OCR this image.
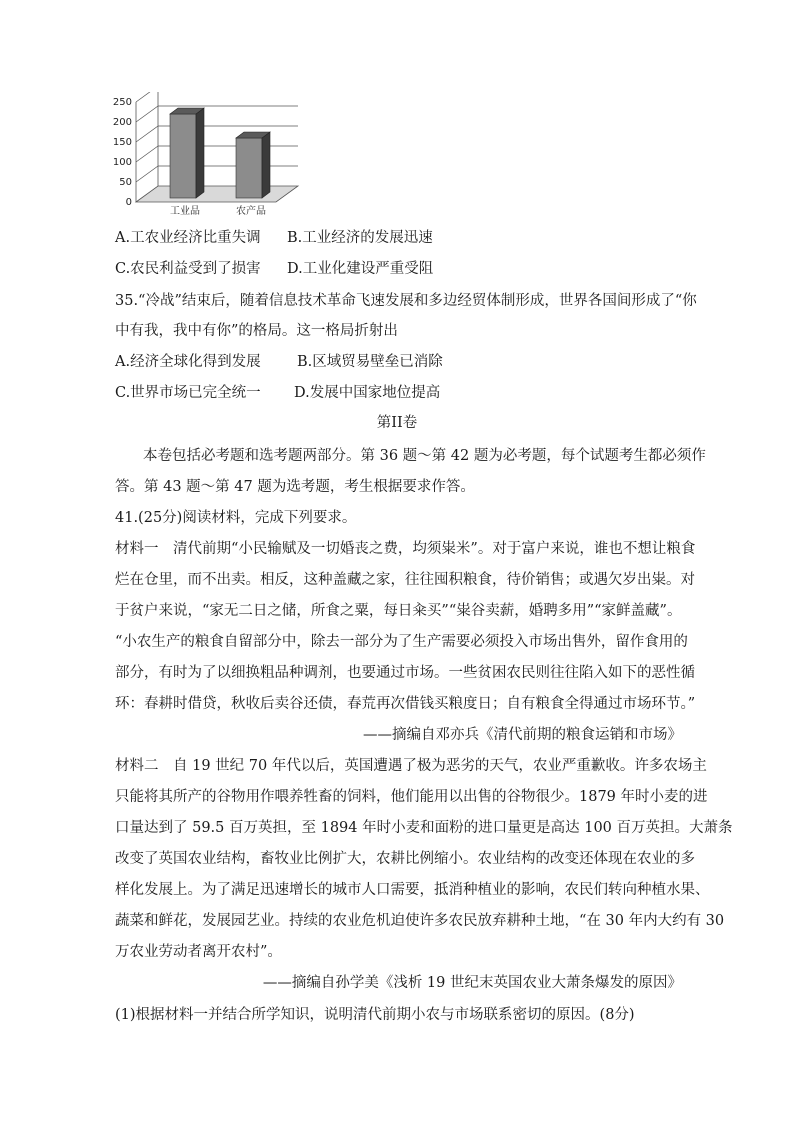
0
50
100
150
200
250
工业品	农产品
A.工农业经济比重失调 B.工业经济的发展迅速
C.农民利益受到了损害 D.工业化建设严重受阻
35.“冷战”结束后，随着信息技术革命飞速发展和多边经贸体制形成，世界各国间形成了“你
中有我，我中有你”的格局。这一格局折射出
A.经济全球化得到发展	B.区域贸易壁垒已消除
C.世界市场已完全统一 D.发展中国家地位提高
第II卷
本卷包括必考题和选考题两部分。第 36 题～第 42 题为必考题，每个试题考生都必须作
答。第 43 题～第 47 题为选考题，考生根据要求作答。
41.(25分)阅读材料，完成下列要求。
材料一　清代前期“小民输赋及一切婚丧之费，均须粜米”。对于富户来说，谁也不想让粮食
烂在仓里，而不出卖。相反，这种盖藏之家，往往囤积粮食，待价销售；或遇欠岁出粜。对
于贫户来说，“家无二日之储，所食之粟，每日籴买”“粜谷卖薪，婚聘多用”“家鲜盖藏”。
“小农生产的粮食自留部分中，除去一部分为了生产需要必须投入市场出售外，留作食用的
部分，有时为了以细换粗品种调剂，也要通过市场。一些贫困农民则往往陷入如下的恶性循
环：春耕时借贷，秋收后卖谷还债，春荒再次借钱买粮度日；自有粮食全得通过市场环节。”
——摘编自邓亦兵《清代前期的粮食运销和市场》
材料二　自 19 世纪 70 年代以后，英国遭遇了极为恶劣的天气，农业严重歉收。许多农场主
只能将其所产的谷物用作喂养牲畜的饲料，他们能用以出售的谷物很少。1879 年时小麦的进
口量达到了 59.5 百万英担，至 1894 年时小麦和面粉的进口量更是高达 100 百万英担。大萧条
改变了英国农业结构，畜牧业比例扩大，农耕比例缩小。农业结构的改变还体现在农业的多
样化发展上。为了满足迅速增长的城市人口需要，抵消种植业的影响，农民们转向种植水果、
蔬菜和鲜花，发展园艺业。持续的农业危机迫使许多农民放弃耕种土地，“在 30 年内大约有 30
万农业劳动者离开农村”。
——摘编自孙学美《浅析 19 世纪末英国农业大萧条爆发的原因》
(1)根据材料一并结合所学知识，说明清代前期小农与市场联系密切的原因。(8分)
